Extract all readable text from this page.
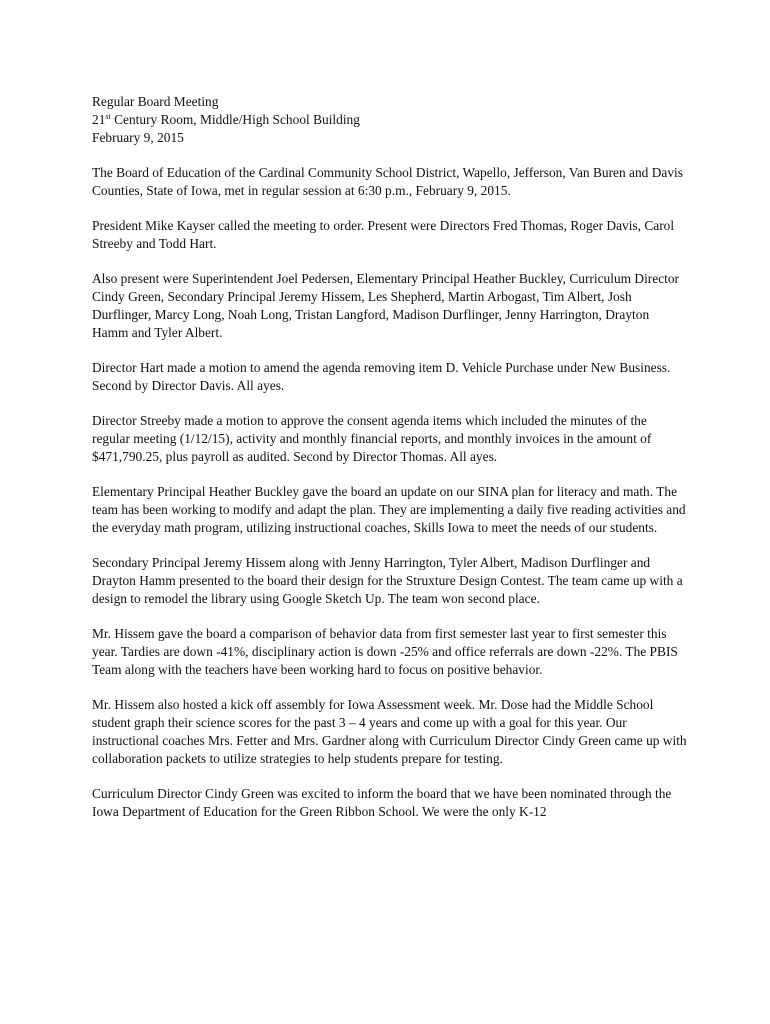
Regular Board Meeting
21st Century Room, Middle/High School Building
February 9, 2015

The Board of Education of the Cardinal Community School District, Wapello, Jefferson, Van Buren and Davis Counties, State of Iowa, met in regular session at 6:30 p.m., February 9, 2015.

President Mike Kayser called the meeting to order. Present were Directors Fred Thomas, Roger Davis, Carol Streeby and Todd Hart.

Also present were Superintendent Joel Pedersen, Elementary Principal Heather Buckley, Curriculum Director Cindy Green, Secondary Principal Jeremy Hissem, Les Shepherd, Martin Arbogast, Tim Albert, Josh Durflinger, Marcy Long, Noah Long, Tristan Langford, Madison Durflinger, Jenny Harrington, Drayton Hamm and Tyler Albert.

Director Hart made a motion to amend the agenda removing item D. Vehicle Purchase under New Business. Second by Director Davis. All ayes.

Director Streeby made a motion to approve the consent agenda items which included the minutes of the regular meeting (1/12/15), activity and monthly financial reports, and monthly invoices in the amount of $471,790.25, plus payroll as audited. Second by Director Thomas. All ayes.

Elementary Principal Heather Buckley gave the board an update on our SINA plan for literacy and math. The team has been working to modify and adapt the plan. They are implementing a daily five reading activities and the everyday math program, utilizing instructional coaches, Skills Iowa to meet the needs of our students.

Secondary Principal Jeremy Hissem along with Jenny Harrington, Tyler Albert, Madison Durflinger and Drayton Hamm presented to the board their design for the Struxture Design Contest. The team came up with a design to remodel the library using Google Sketch Up. The team won second place.

Mr. Hissem gave the board a comparison of behavior data from first semester last year to first semester this year. Tardies are down -41%, disciplinary action is down -25% and office referrals are down -22%. The PBIS Team along with the teachers have been working hard to focus on positive behavior.

Mr. Hissem also hosted a kick off assembly for Iowa Assessment week. Mr. Dose had the Middle School student graph their science scores for the past 3 – 4 years and come up with a goal for this year. Our instructional coaches Mrs. Fetter and Mrs. Gardner along with Curriculum Director Cindy Green came up with collaboration packets to utilize strategies to help students prepare for testing.

Curriculum Director Cindy Green was excited to inform the board that we have been nominated through the Iowa Department of Education for the Green Ribbon School. We were the only K-12
